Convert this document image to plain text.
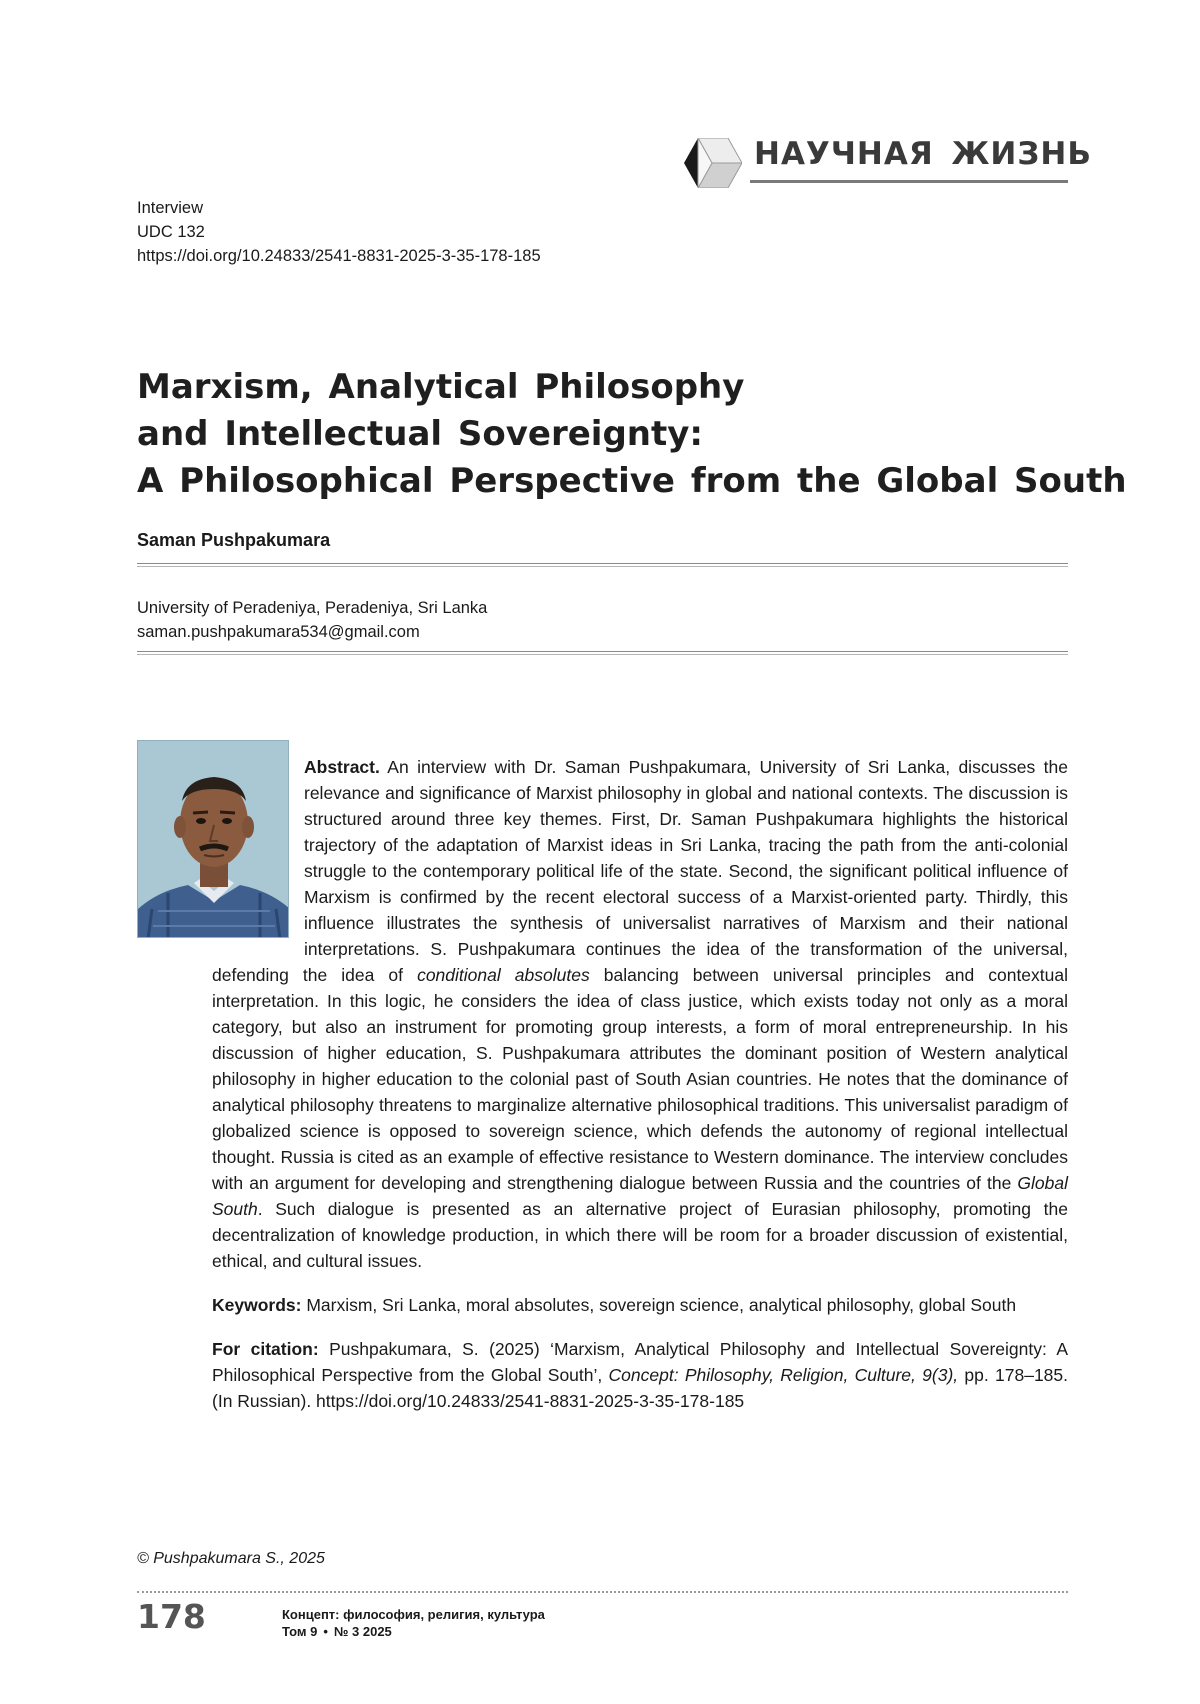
НАУЧНАЯ ЖИЗНЬ
Interview
UDC 132
https://doi.org/10.24833/2541-8831-2025-3-35-178-185
Marxism, Analytical Philosophy
and Intellectual Sovereignty:
A Philosophical Perspective from the Global South
Saman Pushpakumara
University of Peradeniya, Peradeniya, Sri Lanka
saman.pushpakumara534@gmail.com

Abstract. An interview with Dr. Saman Pushpakumara, University of Sri Lanka, discusses the relevance and significance of Marxist philosophy in global and national contexts. The discussion is structured around three key themes. First, Dr. Saman Pushpakumara highlights the historical trajectory of the adaptation of Marxist ideas in Sri Lanka, tracing the path from the anti-colonial struggle to the contemporary political life of the state. Second, the significant political influence of Marxism is confirmed by the recent electoral success of a Marxist-oriented party. Thirdly, this influence illustrates the synthesis of universalist narratives of Marxism and their national interpretations. S. Pushpakumara continues the idea of the transformation of the universal, defending the idea of conditional absolutes balancing between universal principles and contextual interpretation. In this logic, he considers the idea of class justice, which exists today not only as a moral category, but also an instrument for promoting group interests, a form of moral entrepreneurship. In his discussion of higher education, S. Pushpakumara attributes the dominant position of Western analytical philosophy in higher education to the colonial past of South Asian countries. He notes that the dominance of analytical philosophy threatens to marginalize alternative philosophical traditions. This universalist paradigm of globalized science is opposed to sovereign science, which defends the autonomy of regional intellectual thought. Russia is cited as an example of effective resistance to Western dominance. The interview concludes with an argument for developing and strengthening dialogue between Russia and the countries of the Global South. Such dialogue is presented as an alternative project of Eurasian philosophy, promoting the decentralization of knowledge production, in which there will be room for a broader discussion of existential, ethical, and cultural issues.

Keywords: Marxism, Sri Lanka, moral absolutes, sovereign science, analytical philosophy, global South

For citation: Pushpakumara, S. (2025) ‘Marxism, Analytical Philosophy and Intellectual Sovereignty: A Philosophical Perspective from the Global South’, Concept: Philosophy, Religion, Culture, 9(3), pp. 178–185. (In Russian). https://doi.org/10.24833/2541-8831-2025-3-35-178-185

© Pushpakumara S., 2025
178	Концепт: философия, религия, культура
Том 9 • № 3 2025
